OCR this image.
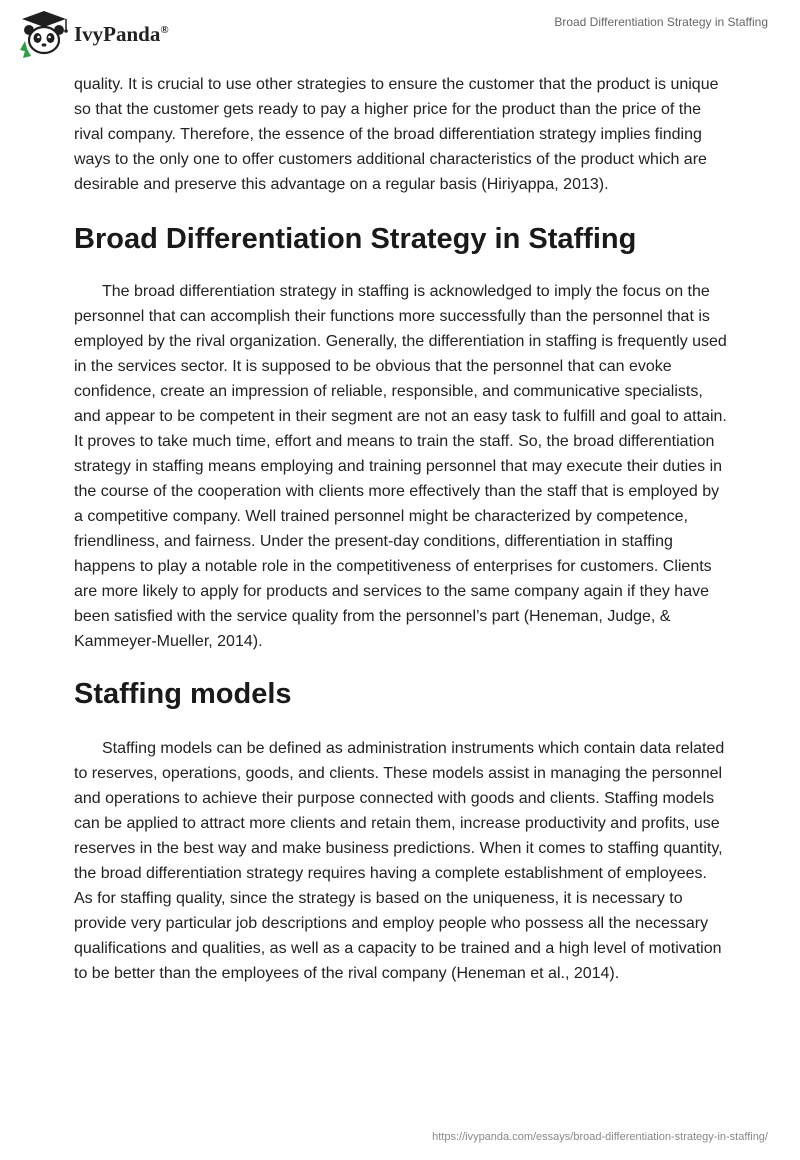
IvyPanda®
Broad Differentiation Strategy in Staffing

quality. It is crucial to use other strategies to ensure the customer that the product is unique so that the customer gets ready to pay a higher price for the product than the price of the rival company. Therefore, the essence of the broad differentiation strategy implies finding ways to the only one to offer customers additional characteristics of the product which are desirable and preserve this advantage on a regular basis (Hiriyappa, 2013).

Broad Differentiation Strategy in Staffing

The broad differentiation strategy in staffing is acknowledged to imply the focus on the personnel that can accomplish their functions more successfully than the personnel that is employed by the rival organization. Generally, the differentiation in staffing is frequently used in the services sector. It is supposed to be obvious that the personnel that can evoke confidence, create an impression of reliable, responsible, and communicative specialists, and appear to be competent in their segment are not an easy task to fulfill and goal to attain. It proves to take much time, effort and means to train the staff. So, the broad differentiation strategy in staffing means employing and training personnel that may execute their duties in the course of the cooperation with clients more effectively than the staff that is employed by a competitive company. Well trained personnel might be characterized by competence, friendliness, and fairness. Under the present-day conditions, differentiation in staffing happens to play a notable role in the competitiveness of enterprises for customers. Clients are more likely to apply for products and services to the same company again if they have been satisfied with the service quality from the personnel’s part (Heneman, Judge, & Kammeyer-Mueller, 2014).

Staffing models

Staffing models can be defined as administration instruments which contain data related to reserves, operations, goods, and clients. These models assist in managing the personnel and operations to achieve their purpose connected with goods and clients. Staffing models can be applied to attract more clients and retain them, increase productivity and profits, use reserves in the best way and make business predictions. When it comes to staffing quantity, the broad differentiation strategy requires having a complete establishment of employees. As for staffing quality, since the strategy is based on the uniqueness, it is necessary to provide very particular job descriptions and employ people who possess all the necessary qualifications and qualities, as well as a capacity to be trained and a high level of motivation to be better than the employees of the rival company (Heneman et al., 2014).

https://ivypanda.com/essays/broad-differentiation-strategy-in-staffing/
